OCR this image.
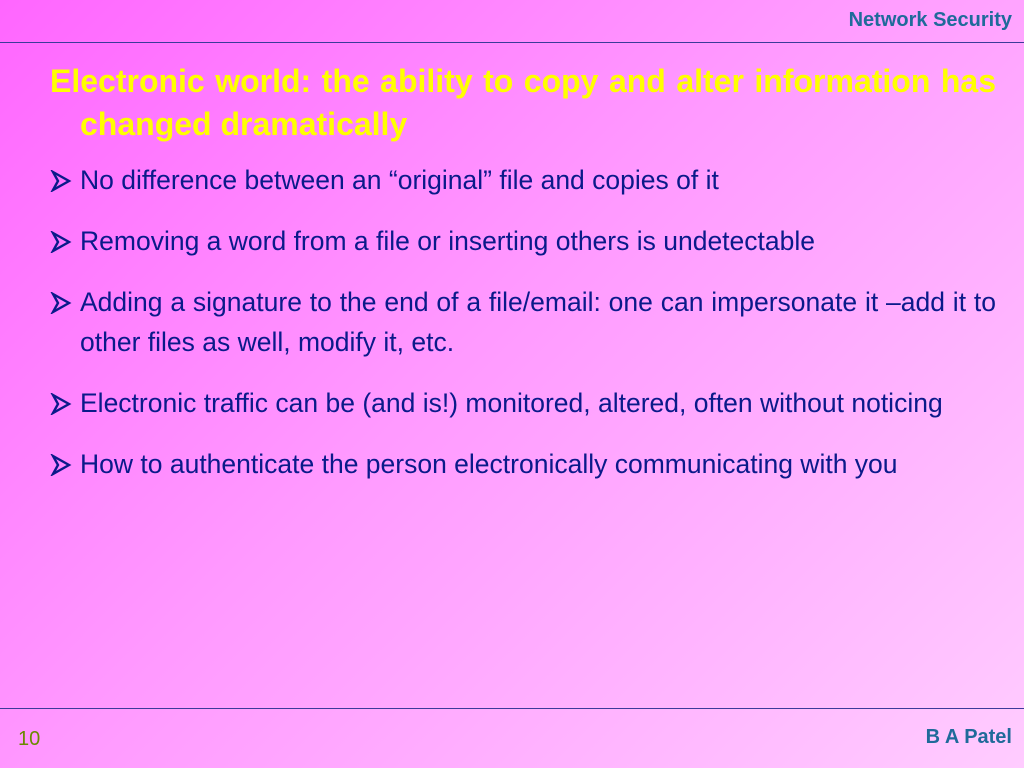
Network Security

Electronic world: the ability to copy and alter information has changed dramatically

No difference between an “original” file and copies of it
Removing a word from a file or inserting others is undetectable
Adding a signature to the end of a file/email: one can impersonate it –add it to other files as well, modify it, etc.
Electronic traffic can be (and is!) monitored, altered, often without noticing
How to authenticate the person electronically communicating with you
10	B A Patel
